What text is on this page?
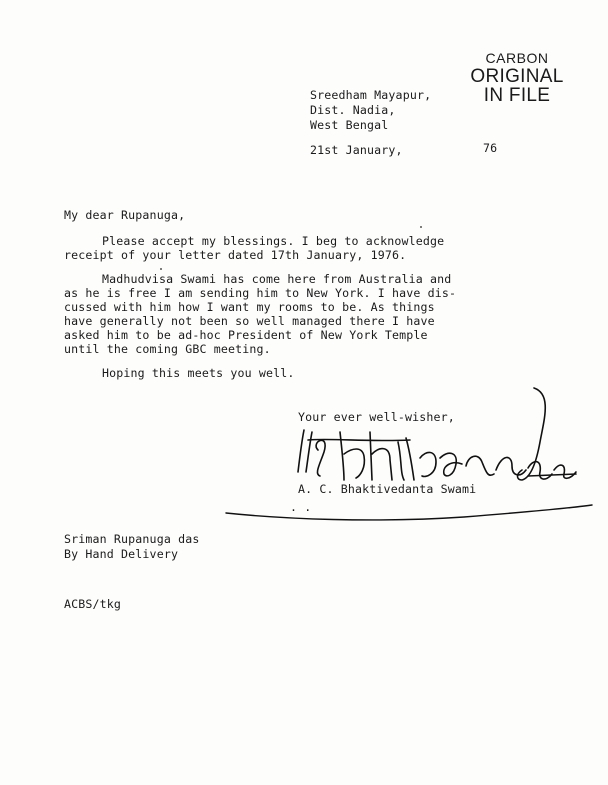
CARBON
ORIGINAL
IN FILE
Sreedham Mayapur,
Dist. Nadia,
West Bengal
21st January,	76
My dear Rupanuga,
Please accept my blessings. I beg to acknowledge
receipt of your letter dated 17th January, 1976.
Madhudvisa Swami has come here from Australia and
as he is free I am sending him to New York. I have dis-
cussed with him how I want my rooms to be. As things
have generally not been so well managed there I have
asked him to be ad-hoc President of New York Temple
until the coming GBC meeting.
Hoping this meets you well.
Your ever well-wisher,
A. C. Bhaktivedanta Swami
. .
Sriman Rupanuga das
By Hand Delivery
ACBS/tkg
